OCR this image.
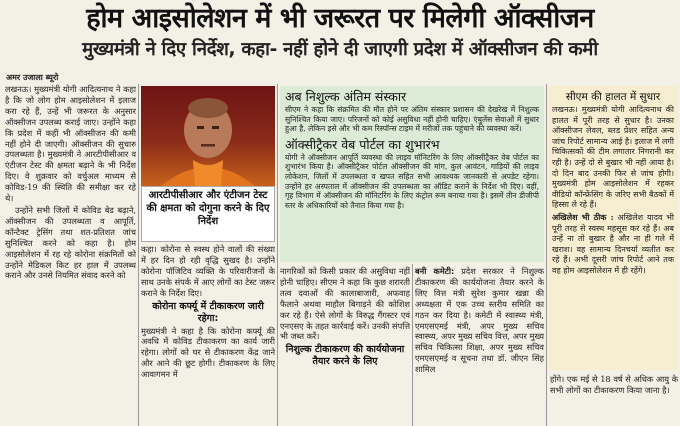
होम आइसोलेशन में भी जरूरत पर मिलेगी ऑक्सीजन
मुख्यमंत्री ने दिए निर्देश, कहा- नहीं होने दी जाएगी प्रदेश में ऑक्सीजन की कमी
अमर उजाला ब्यूरो

लखनऊ। मुख्यमंत्री योगी आदित्यनाथ ने कहा है कि जो लोग होम आइसोलेशन में इलाज करा रहे हैं, उन्हें भी जरूरत के अनुसार ऑक्सीजन उपलब्ध कराई जाए। उन्होंने कहा कि प्रदेश में कहीं भी ऑक्सीजन की कमी नहीं होने दी जाएगी। ऑक्सीजन की सुचारु उपलब्धता है। मुख्यमंत्री ने आरटीपीसीआर व एंटीजन टेस्ट की क्षमता बढ़ाने के भी निर्देश दिए। वे शुक्रवार को वर्चुअल माध्यम से कोविड-19 की स्थिति की समीक्षा कर रहे थे।

उन्होंने सभी जिलों में कोविड बेड बढ़ाने, ऑक्सीजन की उपलब्धता व आपूर्ति, कॉन्टैक्ट ट्रेसिंग तथा शत-प्रतिशत जांच सुनिश्चित करने को कहा है। होम आइसोलेशन में रह रहे कोरोना संक्रमितों को उन्होंने मेडिकल किट हर हाल में उपलब्ध कराने और उनसे नियमित संवाद करने को

आरटीपीसीआर और एंटीजन टेस्ट की क्षमता को दोगुना करने के दिए निर्देश

कहा। कोरोना से स्वस्थ होने वालों की संख्या में हर दिन हो रही वृद्धि सुखद है। उन्होंने कोरोना पॉजिटिव व्यक्ति के परिवारीजनों के साथ उनके संपर्क में आए लोगों का टेस्ट जरूर कराने के निर्देश दिए।

कोरोना कर्फ्यू में टीकाकरण जारी रहेगा:

मुख्यमंत्री ने कहा है कि कोरोना कर्फ्यू की अवधि में कोविड टीकाकरण का कार्य जारी रहेगा। लोगों को घर से टीकाकरण केंद्र जाने और आने की छूट होगी। टीकाकरण के लिए आवागमन में

अब निशुल्क अंतिम संस्कार
सीएम ने कहा कि संक्रमित की मौत होने पर अंतिम संस्कार प्रशासन की देखरेख में निशुल्क सुनिश्चित किया जाए। परिजनों को कोई असुविधा नहीं होनी चाहिए। एंबुलेंस सेवाओं में सुधार हुआ है, लेकिन इसे और भी कम रिस्पॉन्स टाइम में मरीजों तक पहुंचाने की व्यवस्था करें।
ऑक्सीट्रैकर वेब पोर्टल का शुभारंभ
योगी ने ऑक्सीजन आपूर्ति व्यवस्था की लाइव मॉनिटरिंग के लिए ऑक्सीट्रैकर वेब पोर्टल का शुभारंभ किया है। ऑक्सीट्रैकर पोर्टल ऑक्सीजन की मांग, कुल आवंटन, गाड़ियों की लाइव लोकेशन, जिलों में उपलब्धता व खपत सहित सभी आवश्यक जानकारी से अपडेट रहेगा। उन्होंने हर अस्पताल में ऑक्सीजन की उपलब्धता का ऑडिट कराने के निर्देश भी दिए। वहीं, गृह विभाग में ऑक्सीजन की मॉनिटरिंग के लिए कंट्रोल रूम बनाया गया है। इसमें तीन डीजीपी स्तर के अधिकारियों को तैनात किया गया है।

नागरिकों को किसी प्रकार की असुविधा नहीं होनी चाहिए। सीएम ने कहा कि कुछ शरारती तत्व दवाओं की कालाबाजारी, अफवाह फैलाने अथवा माहौल बिगाड़ने की कोशिश कर रहे हैं। ऐसे लोगों के विरुद्ध गैंगस्टर एवं एनएसए के तहत कार्रवाई करें। उनकी संपत्ति भी जब्त करें।

निशुल्क टीकाकरण की कार्ययोजना तैयार करने के लिए

बनी कमेटी: प्रदेश सरकार ने निशुल्क टीकाकरण की कार्ययोजना तैयार करने के लिए वित्त मंत्री सुरेश कुमार खन्ना की अध्यक्षता में एक उच्च स्तरीय समिति का गठन कर दिया है। कमेटी में स्वास्थ्य मंत्री, एमएसएमई मंत्री, अपर मुख्य सचिव स्वास्थ्य, अपर मुख्य सचिव वित्त, अपर मुख्य सचिव चिकित्सा शिक्षा, अपर मुख्य सचिव एमएसएमई व सूचना तथा डॉ. जीएन सिंह शामिल

सीएम की हालत में सुधार
लखनऊ। मुख्यमंत्री योगी आदित्यनाथ की हालत में पूरी तरह से सुधार है। उनका ऑक्सीजन लेवल, ब्लड प्रेशर सहित अन्य जांच रिपोर्ट सामान्य आई है। इलाज में लगी चिकित्सकों की टीम लगातार निगरानी कर रही है। उन्हें दो से बुखार भी नहीं आया है। दो दिन बाद उनकी फिर से जांच होगी। मुख्यमंत्री होम आइसोलेशन में रहकर वीडियो कॉन्फ्रेंसिंग के जरिए सभी बैठकों में हिस्सा ले रहे हैं।
अखिलेश भी ठीक : अखिलेश यादव भी पूरी तरह से स्वस्थ महसूस कर रहे हैं। अब उन्हें ना तो बुखार है और ना ही गले में खराश। वह सामान्य दिनचर्या व्यतीत कर रहे हैं। अभी दूसरी जांच रिपोर्ट आने तक वह होम आइसोलेशन में ही रहेंगे।

होंगे। एक मई से 18 वर्ष से अधिक आयु के सभी लोगों का टीकाकरण किया जाना है।
